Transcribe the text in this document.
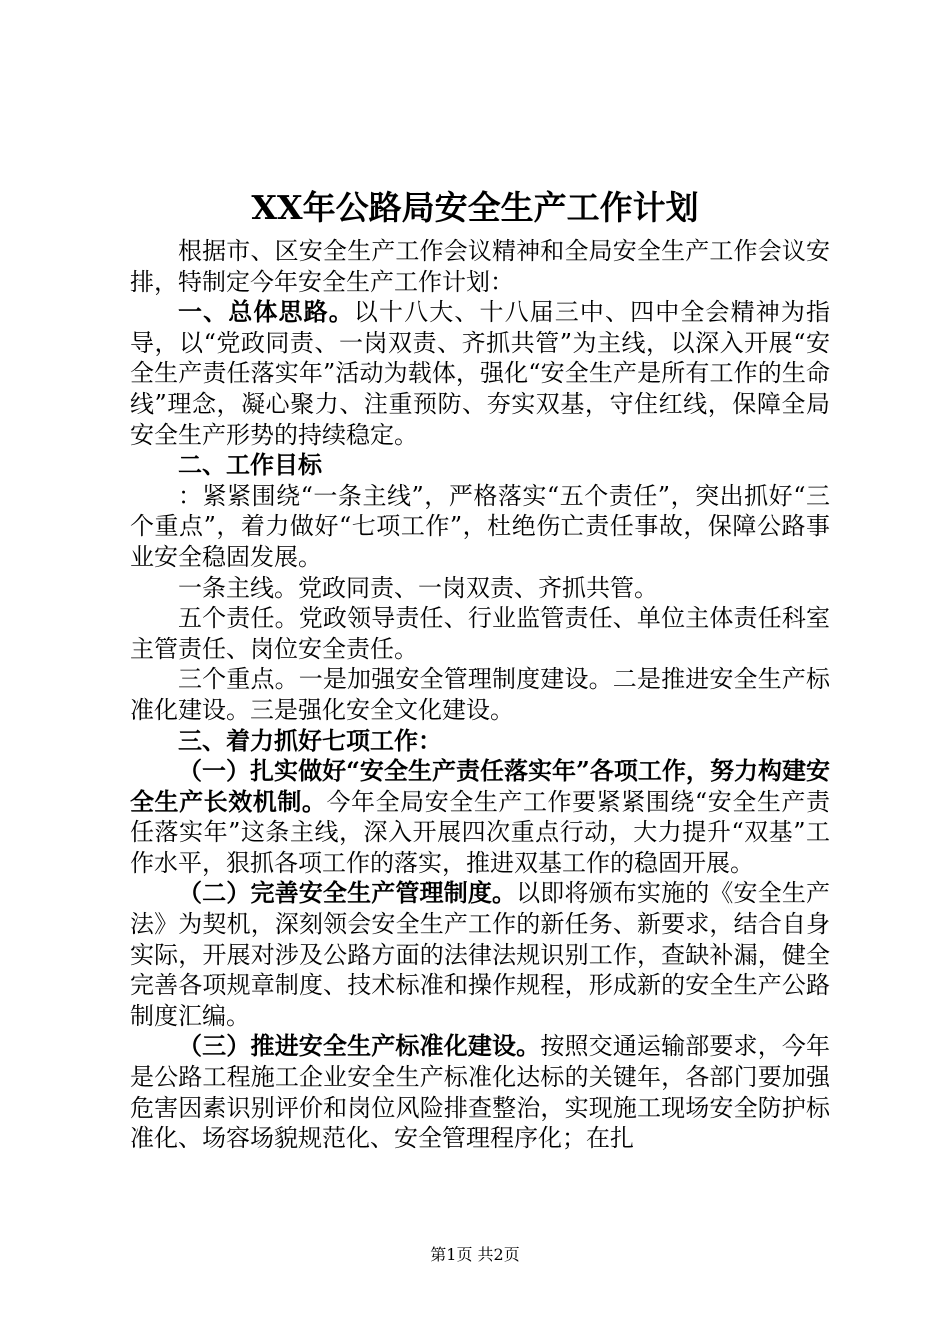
XX年公路局安全生产工作计划

根据市、区安全生产工作会议精神和全局安全生产工作会议安排，特制定今年安全生产工作计划：

一、总体思路。以十八大、十八届三中、四中全会精神为指导，以“党政同责、一岗双责、齐抓共管”为主线，以深入开展“安全生产责任落实年”活动为载体，强化“安全生产是所有工作的生命线”理念，凝心聚力、注重预防、夯实双基，守住红线，保障全局安全生产形势的持续稳定。

二、工作目标

：紧紧围绕“一条主线”，严格落实“五个责任”，突出抓好“三个重点”，着力做好“七项工作”，杜绝伤亡责任事故，保障公路事业安全稳固发展。

一条主线。党政同责、一岗双责、齐抓共管。

五个责任。党政领导责任、行业监管责任、单位主体责任科室主管责任、岗位安全责任。

三个重点。一是加强安全管理制度建设。二是推进安全生产标准化建设。三是强化安全文化建设。

三、着力抓好七项工作：

（一）扎实做好“安全生产责任落实年”各项工作，努力构建安全生产长效机制。今年全局安全生产工作要紧紧围绕“安全生产责任落实年”这条主线，深入开展四次重点行动，大力提升“双基”工作水平，狠抓各项工作的落实，推进双基工作的稳固开展。

（二）完善安全生产管理制度。以即将颁布实施的《安全生产法》为契机，深刻领会安全生产工作的新任务、新要求，结合自身实际，开展对涉及公路方面的法律法规识别工作，查缺补漏，健全完善各项规章制度、技术标准和操作规程，形成新的安全生产公路制度汇编。

（三）推进安全生产标准化建设。按照交通运输部要求，今年是公路工程施工企业安全生产标准化达标的关键年，各部门要加强危害因素识别评价和岗位风险排查整治，实现施工现场安全防护标准化、场容场貌规范化、安全管理程序化；在扎

第1页 共2页
